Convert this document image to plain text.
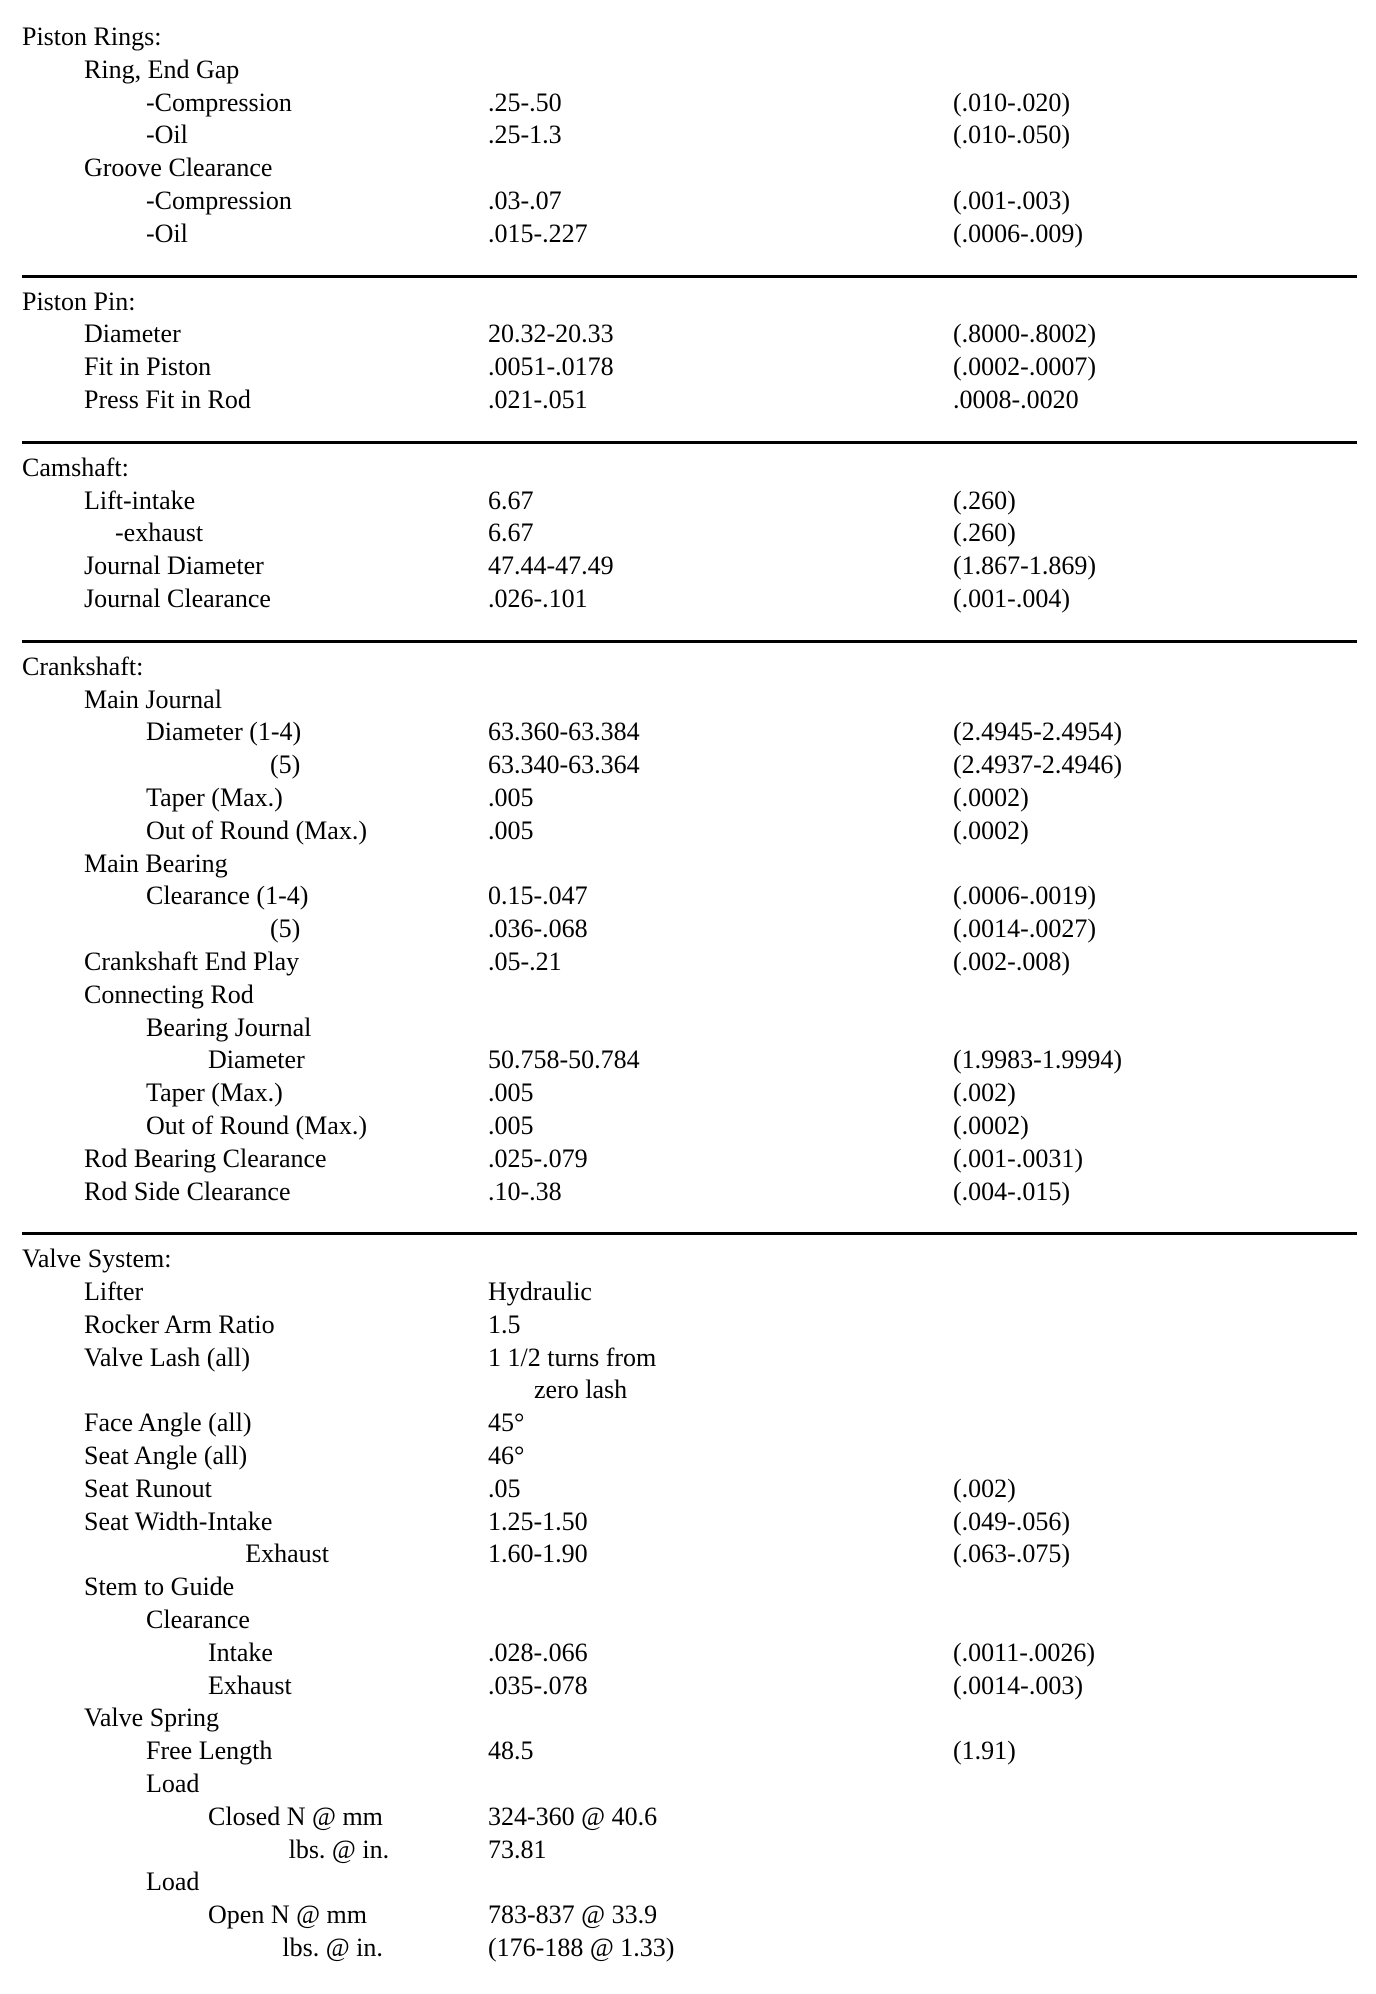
Piston Rings:
Ring, End Gap
-Compression	.25-.50	(.010-.020)
-Oil	.25-1.3	(.010-.050)
Groove Clearance
-Compression	.03-.07	(.001-.003)
-Oil	.015-.227	(.0006-.009)
Piston Pin:
Diameter	20.32-20.33	(.8000-.8002)
Fit in Piston	.0051-.0178	(.0002-.0007)
Press Fit in Rod	.021-.051	.0008-.0020
Camshaft:
Lift-intake	6.67	(.260)
-exhaust	6.67	(.260)
Journal Diameter	47.44-47.49	(1.867-1.869)
Journal Clearance	.026-.101	(.001-.004)
Crankshaft:
Main Journal
Diameter (1-4)	63.360-63.384	(2.4945-2.4954)
(5)	63.340-63.364	(2.4937-2.4946)
Taper (Max.)	.005	(.0002)
Out of Round (Max.)	.005	(.0002)
Main Bearing
Clearance (1-4)	0.15-.047	(.0006-.0019)
(5)	.036-.068	(.0014-.0027)
Crankshaft End Play	.05-.21	(.002-.008)
Connecting Rod
Bearing Journal
Diameter	50.758-50.784	(1.9983-1.9994)
Taper (Max.)	.005	(.002)
Out of Round (Max.)	.005	(.0002)
Rod Bearing Clearance	.025-.079	(.001-.0031)
Rod Side Clearance	.10-.38	(.004-.015)
Valve System:
Lifter	Hydraulic
Rocker Arm Ratio	1.5
Valve Lash (all)	1 1/2 turns from
zero lash
Face Angle (all)	45°
Seat Angle (all)	46°
Seat Runout	.05	(.002)
Seat Width-Intake	1.25-1.50	(.049-.056)
Exhaust	1.60-1.90	(.063-.075)
Stem to Guide
Clearance
Intake	.028-.066	(.0011-.0026)
Exhaust	.035-.078	(.0014-.003)
Valve Spring
Free Length	48.5	(1.91)
Load
Closed N @ mm	324-360 @ 40.6
lbs. @ in.	73.81
Load
Open N @ mm	783-837 @ 33.9
lbs. @ in.	(176-188 @ 1.33)
